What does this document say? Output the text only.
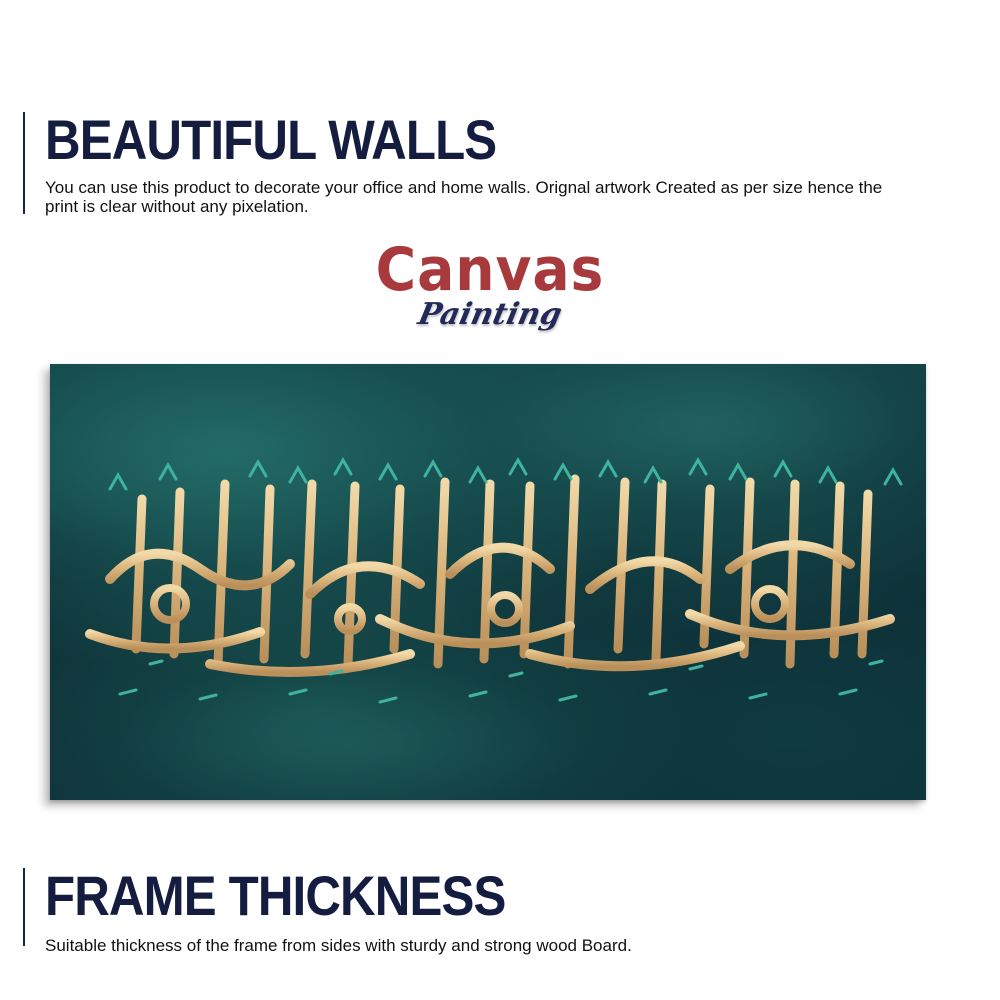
BEAUTIFUL WALLS

You can use this product to decorate your office and home walls. Orignal artwork Created as per size hence the print is clear without any pixelation.

Canvas
Painting
FRAME THICKNESS

Suitable thickness of the frame from sides with sturdy and strong wood Board.
